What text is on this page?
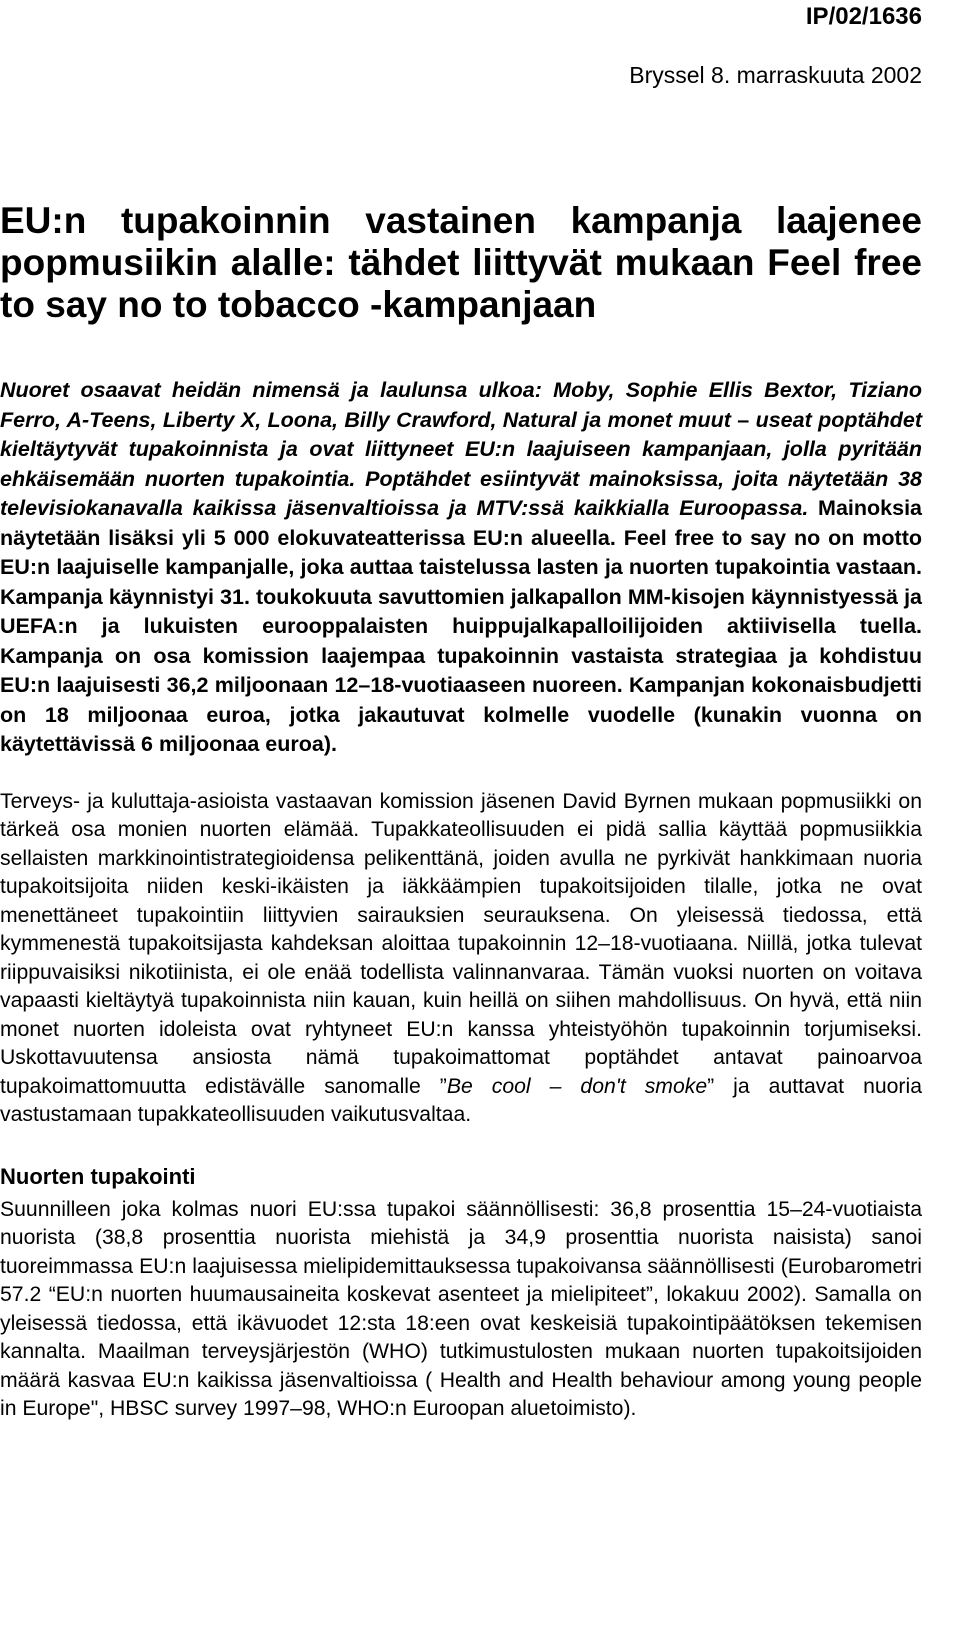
IP/02/1636
Bryssel 8. marraskuuta 2002
EU:n tupakoinnin vastainen kampanja laajenee popmusiikin alalle: tähdet liittyvät mukaan Feel free to say no to tobacco -kampanjaan

Nuoret osaavat heidän nimensä ja laulunsa ulkoa: Moby, Sophie Ellis Bextor, Tiziano Ferro, A-Teens, Liberty X, Loona, Billy Crawford, Natural ja monet muut – useat poptähdet kieltäytyvät tupakoinnista ja ovat liittyneet EU:n laajuiseen kampanjaan, jolla pyritään ehkäisemään nuorten tupakointia. Poptähdet esiintyvät mainoksissa, joita näytetään 38 televisiokanavalla kaikissa jäsenvaltioissa ja MTV:ssä kaikkialla Euroopassa. Mainoksia näytetään lisäksi yli 5 000 elokuvateatterissa EU:n alueella. Feel free to say no on motto EU:n laajuiselle kampanjalle, joka auttaa taistelussa lasten ja nuorten tupakointia vastaan. Kampanja käynnistyi 31. toukokuuta savuttomien jalkapallon MM-kisojen käynnistyessä ja UEFA:n ja lukuisten eurooppalaisten huippujalkapalloilijoiden aktiivisella tuella. Kampanja on osa komission laajempaa tupakoinnin vastaista strategiaa ja kohdistuu EU:n laajuisesti 36,2 miljoonaan 12–18-vuotiaaseen nuoreen. Kampanjan kokonaisbudjetti on 18 miljoonaa euroa, jotka jakautuvat kolmelle vuodelle (kunakin vuonna on käytettävissä 6 miljoonaa euroa).

Terveys- ja kuluttaja-asioista vastaavan komission jäsenen David Byrnen mukaan popmusiikki on tärkeä osa monien nuorten elämää. Tupakkateollisuuden ei pidä sallia käyttää popmusiikkia sellaisten markkinointistrategioidensa pelikenttänä, joiden avulla ne pyrkivät hankkimaan nuoria tupakoitsijoita niiden keski-ikäisten ja iäkkäämpien tupakoitsijoiden tilalle, jotka ne ovat menettäneet tupakointiin liittyvien sairauksien seurauksena. On yleisessä tiedossa, että kymmenestä tupakoitsijasta kahdeksan aloittaa tupakoinnin 12–18-vuotiaana. Niillä, jotka tulevat riippuvaisiksi nikotiinista, ei ole enää todellista valinnanvaraa. Tämän vuoksi nuorten on voitava vapaasti kieltäytyä tupakoinnista niin kauan, kuin heillä on siihen mahdollisuus. On hyvä, että niin monet nuorten idoleista ovat ryhtyneet EU:n kanssa yhteistyöhön tupakoinnin torjumiseksi. Uskottavuutensa ansiosta nämä tupakoimattomat poptähdet antavat painoarvoa tupakoimattomuutta edistävälle sanomalle ”Be cool – don't smoke” ja auttavat nuoria vastustamaan tupakkateollisuuden vaikutusvaltaa.

Nuorten tupakointi

Suunnilleen joka kolmas nuori EU:ssa tupakoi säännöllisesti: 36,8 prosenttia 15–24-vuotiaista nuorista (38,8 prosenttia nuorista miehistä ja 34,9 prosenttia nuorista naisista) sanoi tuoreimmassa EU:n laajuisessa mielipidemittauksessa tupakoivansa säännöllisesti (Eurobarometri 57.2 “EU:n nuorten huumausaineita koskevat asenteet ja mielipiteet”, lokakuu 2002). Samalla on yleisessä tiedossa, että ikävuodet 12:sta 18:een ovat keskeisiä tupakointipäätöksen tekemisen kannalta. Maailman terveysjärjestön (WHO) tutkimustulosten mukaan nuorten tupakoitsijoiden määrä kasvaa EU:n kaikissa jäsenvaltioissa ( Health and Health behaviour among young people in Europe", HBSC survey 1997–98, WHO:n Euroopan aluetoimisto).
